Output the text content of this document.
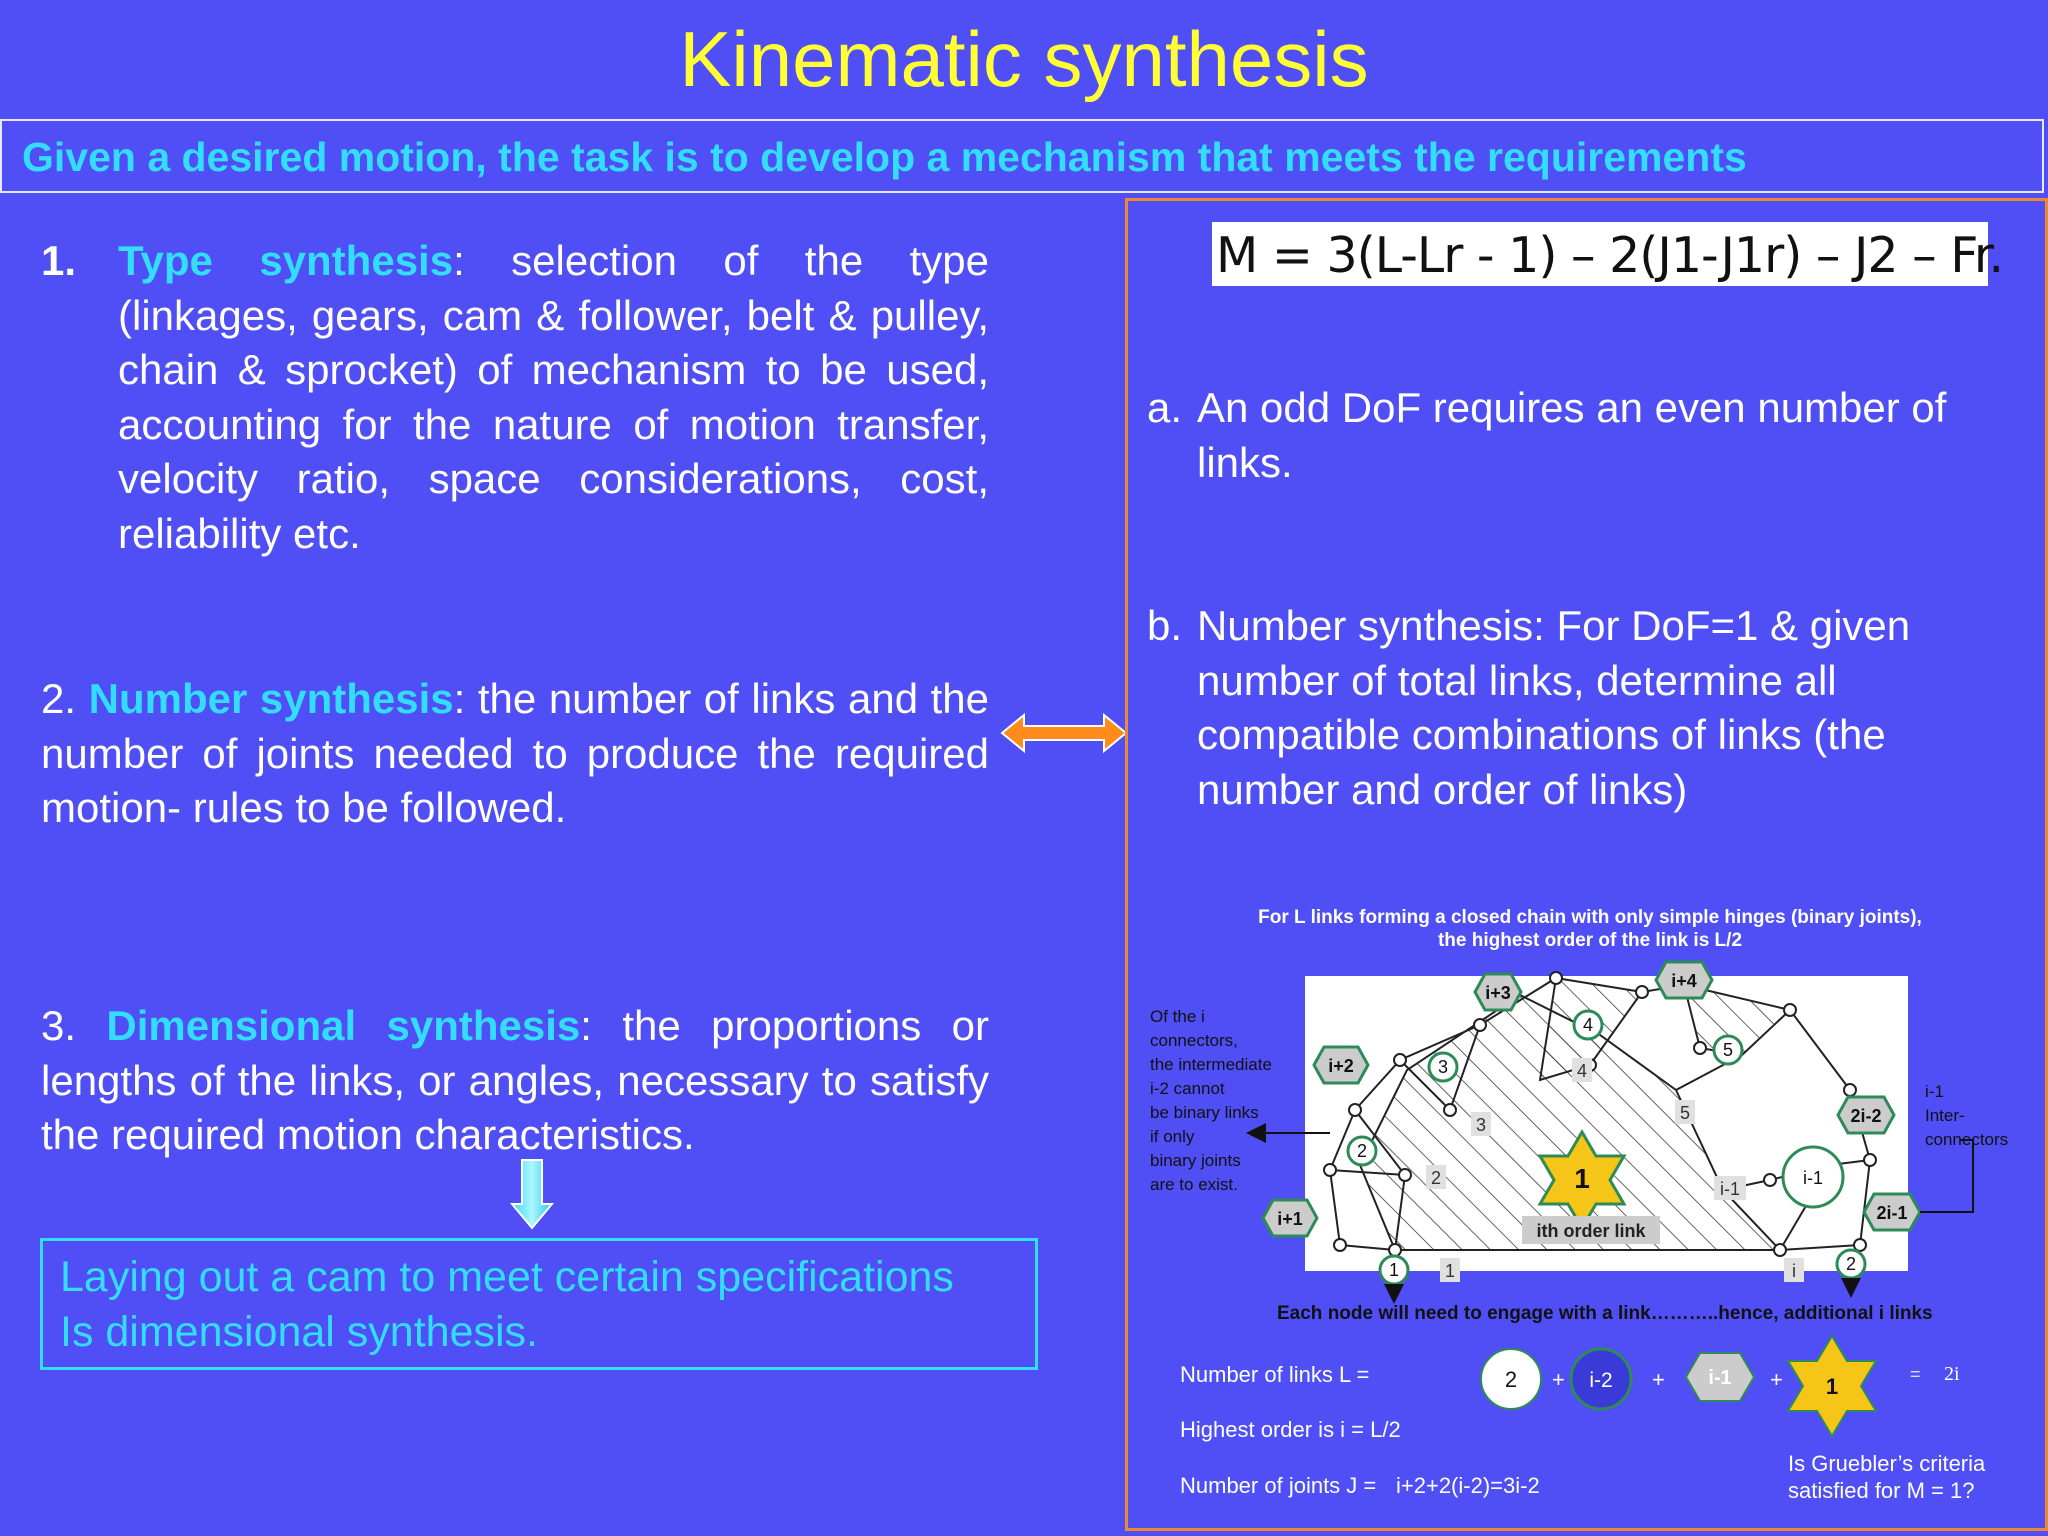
Kinematic synthesis
Given a desired motion, the task is to develop a mechanism that meets the requirements
1. Type synthesis: selection of the type (linkages, gears, cam & follower, belt & pulley, chain & sprocket) of mechanism to be used, accounting for the nature of motion transfer, velocity ratio, space considerations, cost, reliability etc.
2. Number synthesis: the number of links and the number of joints needed to produce the required motion- rules to be followed.
3. Dimensional synthesis: the proportions or lengths of the links, or angles, necessary to satisfy the required motion characteristics.
Laying out a cam to meet certain specifications
Is dimensional synthesis.
M = 3(L-Lr - 1) – 2(J1-J1r) – J2 – Fr.
a. An odd DoF requires an even number of links.
b. Number synthesis: For DoF=1 & given number of total links, determine all compatible combinations of links (the number and order of links)
For L links forming a closed chain with only simple hinges (binary joints),
the highest order of the link is L/2
i+3
i+4
i+2
i+1
2i-2
2i-1
4
5
3
2
1	2
4
5
3
2
1
i-1
i
i-1
1
ith order link
Of the i
connectors,
the intermediate
i-2 cannot
be binary links
if only
binary joints
are to exist.
i-1
Inter-
connectors
Each node will need to engage with a link………..hence, additional i links
Number of links L =	2 + i-2 + i-1 + 1	= 2i
Highest order is i = L/2
Number of joints J = i+2+2(i-2)=3i-2
Is Gruebler’s criteria
satisfied for M = 1?
